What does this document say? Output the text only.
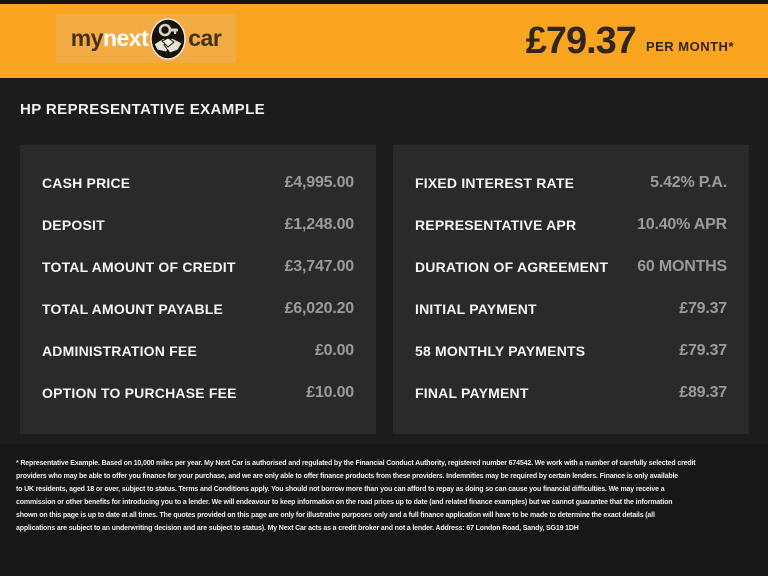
my next car	£79.37 PER MONTH*
HP REPRESENTATIVE EXAMPLE
CASH PRICE	£4,995.00
DEPOSIT	£1,248.00
TOTAL AMOUNT OF CREDIT	£3,747.00
TOTAL AMOUNT PAYABLE	£6,020.20
ADMINISTRATION FEE	£0.00
OPTION TO PURCHASE FEE	£10.00
FIXED INTEREST RATE	5.42% P.A.
REPRESENTATIVE APR	10.40% APR
DURATION OF AGREEMENT 60 MONTHS
INITIAL PAYMENT	£79.37
58 MONTHLY PAYMENTS	£79.37
FINAL PAYMENT	£89.37
* Representative Example. Based on 10,000 miles per year. My Next Car is authorised and regulated by the Financial Conduct Authority, registered number 674542. We work with a number of carefully selected credit
providers who may be able to offer you finance for your purchase, and we are only able to offer finance products from these providers. Indemnities may be required by certain lenders. Finance is only available
to UK residents, aged 18 or over, subject to status. Terms and Conditions apply. You should not borrow more than you can afford to repay as doing so can cause you financial difficulties. We may receive a
commission or other benefits for introducing you to a lender. We will endeavour to keep information on the road prices up to date (and related finance examples) but we cannot guarantee that the information
shown on this page is up to date at all times. The quotes provided on this page are only for illustrative purposes only and a full finance application will have to be made to determine the exact details (all
applications are subject to an underwriting decision and are subject to status). My Next Car acts as a credit broker and not a lender. Address: 67 London Road, Sandy, SG19 1DH
